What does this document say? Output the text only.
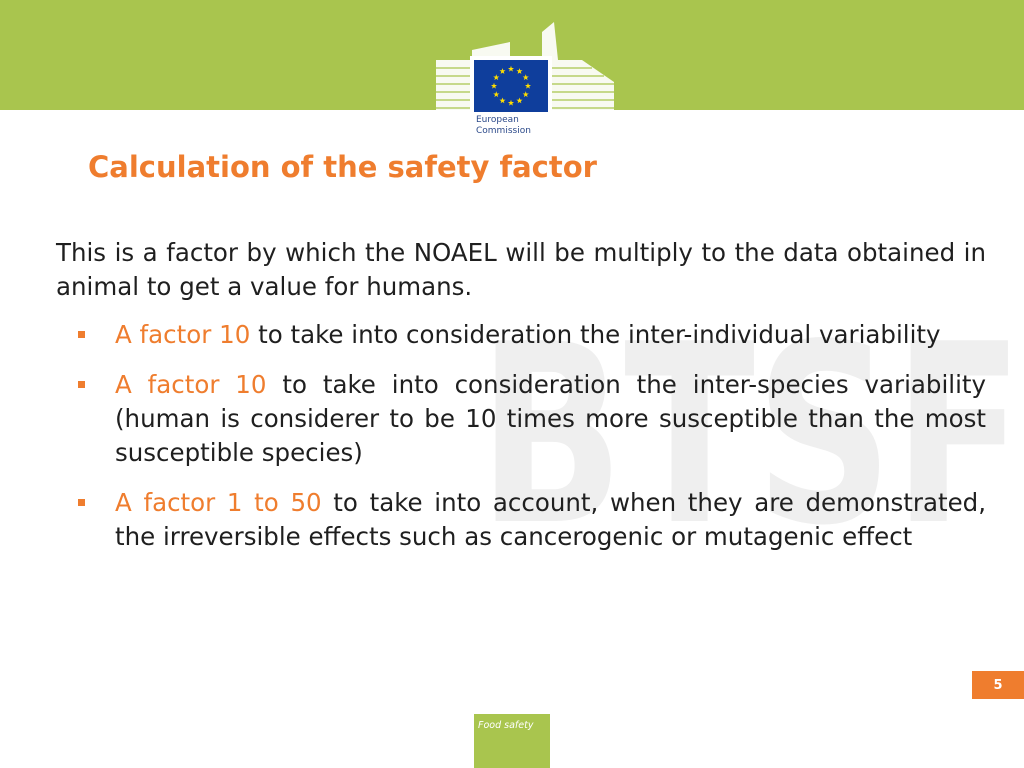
European
Commission
BTSF
Calculation of the safety factor

This is a factor by which the NOAEL will be multiply to the data obtained in animal to get a value for humans.

A factor 10 to take into consideration the inter-individual variability
A factor 10 to take into consideration the inter-species variability (human is considerer to be 10 times more susceptible than the most susceptible species)
A factor 1 to 50 to take into account, when they are demonstrated, the irreversible effects such as cancerogenic or mutagenic effect
5
Food safety
